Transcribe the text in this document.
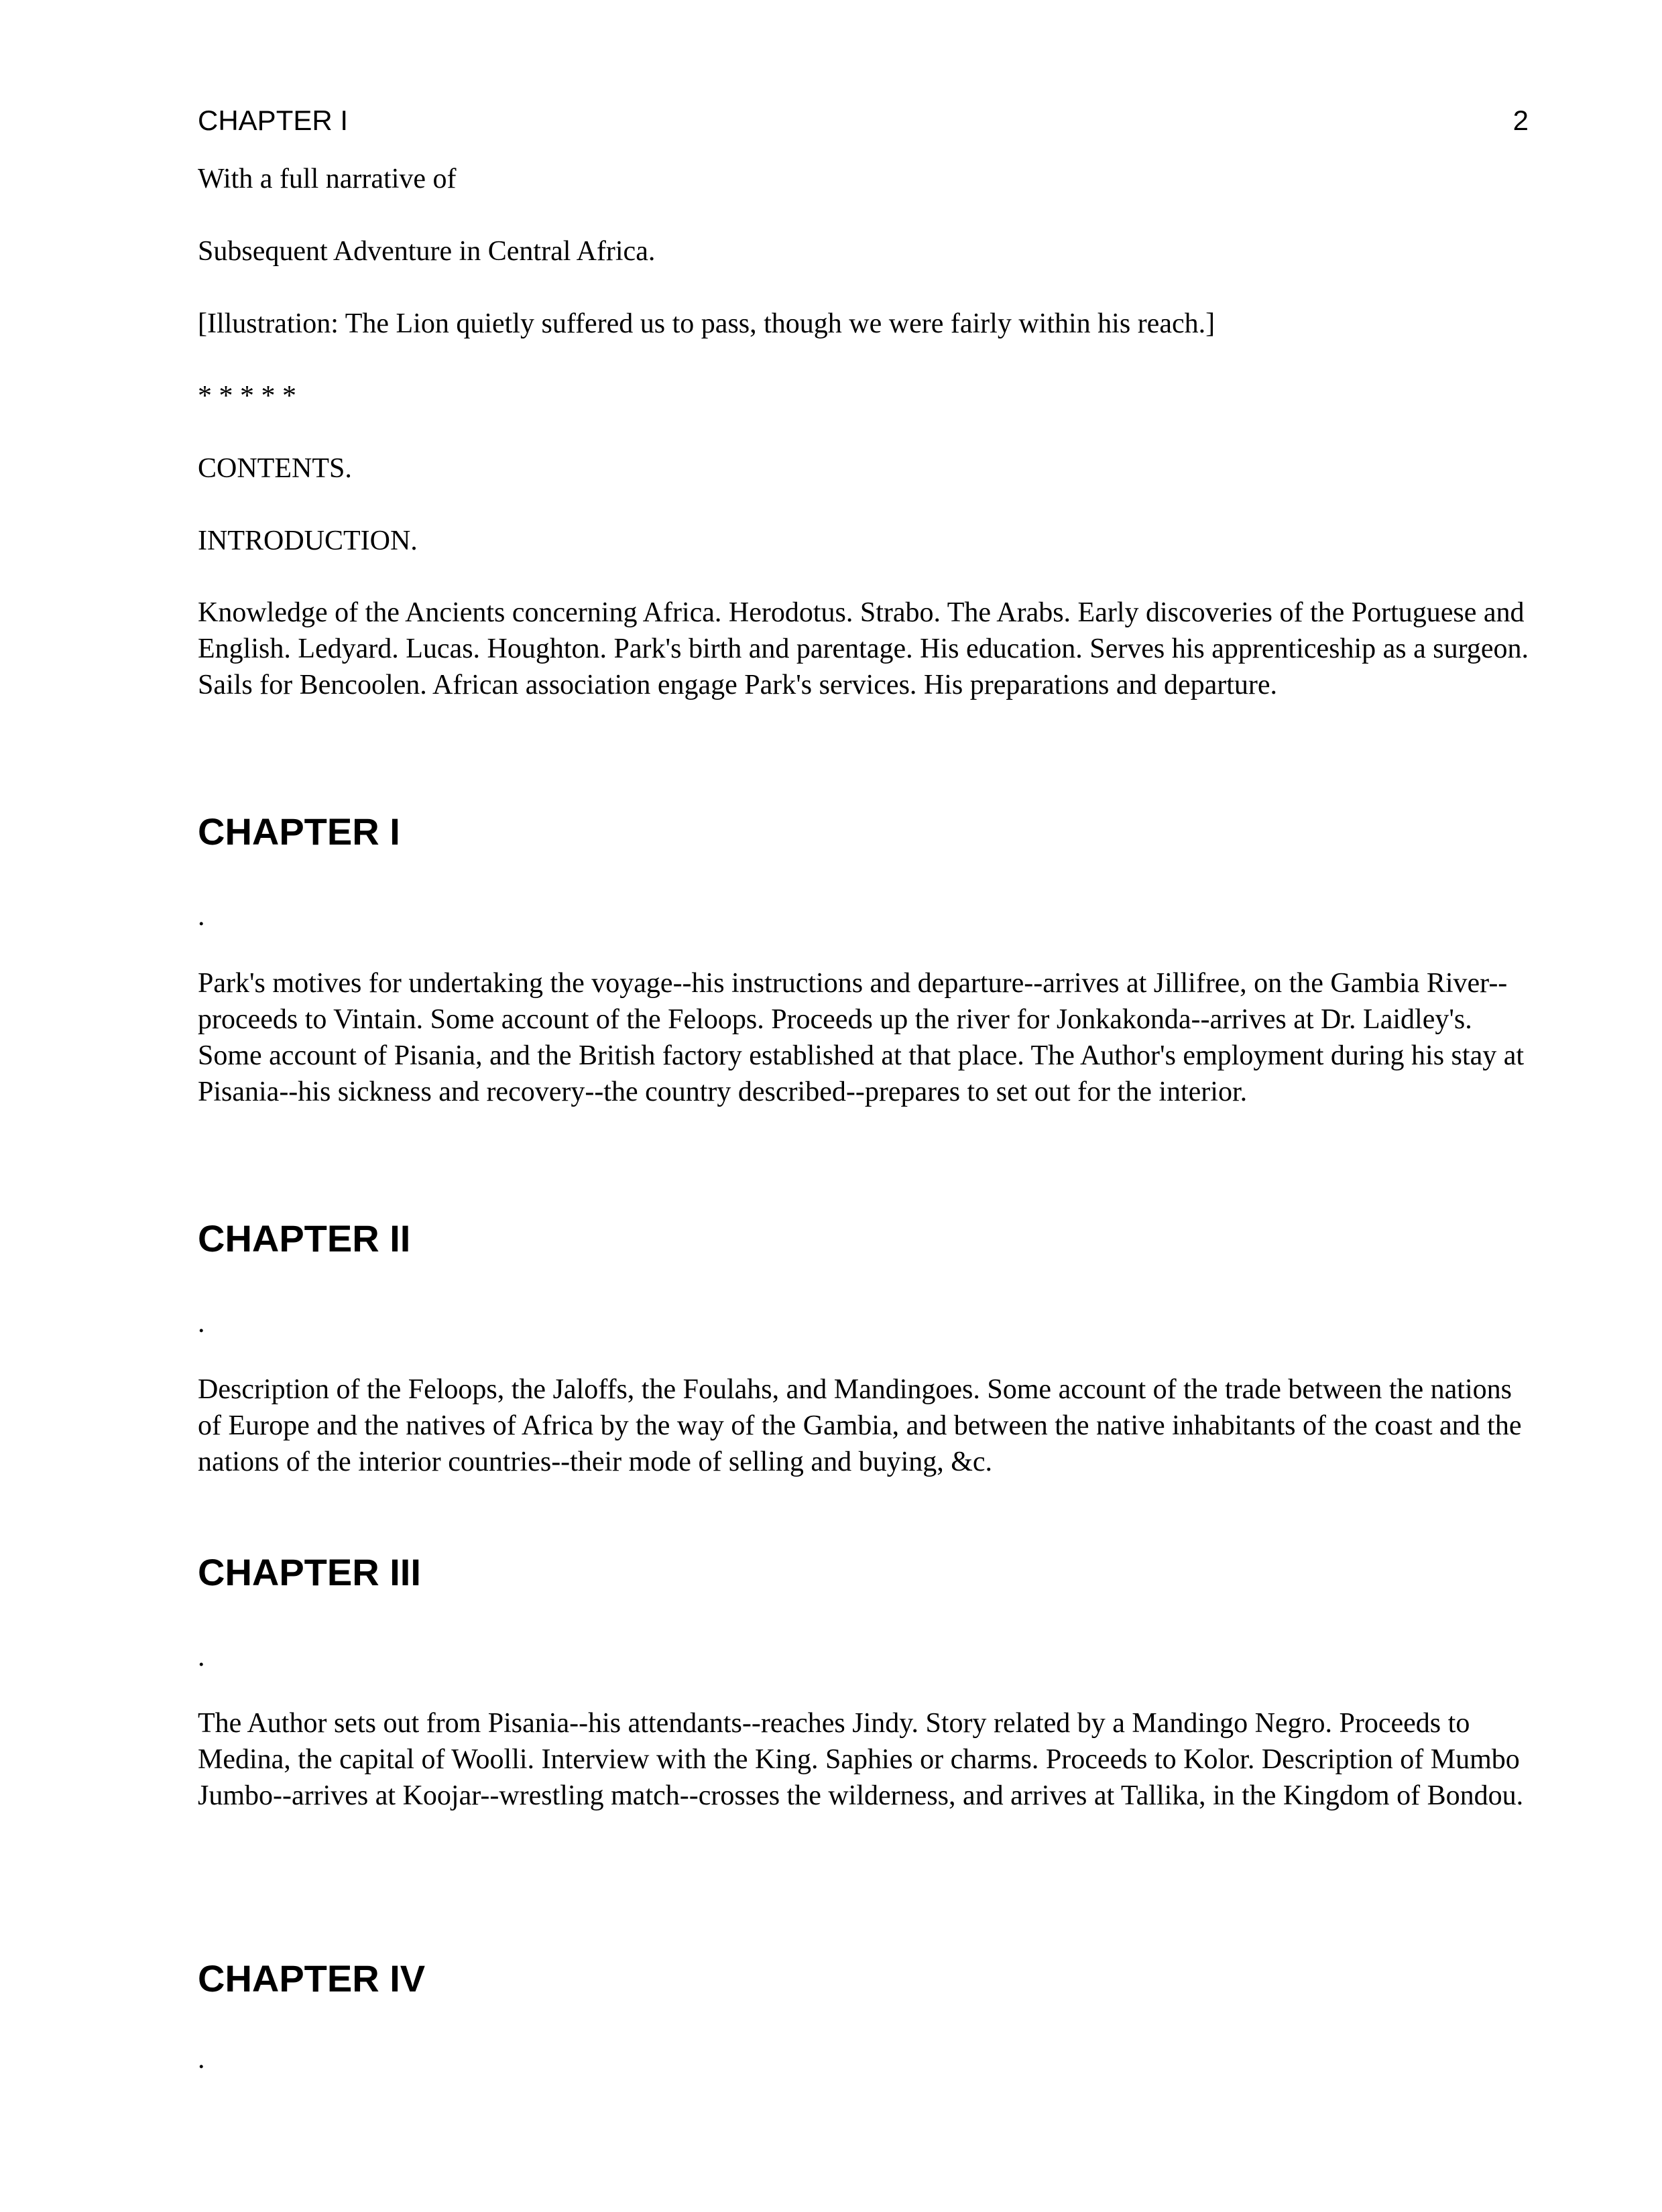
CHAPTER I	2

With a full narrative of

Subsequent Adventure in Central Africa.

[Illustration: The Lion quietly suffered us to pass, though we were fairly within his reach.]

* * * * *

CONTENTS.

INTRODUCTION.

Knowledge of the Ancients concerning Africa. Herodotus. Strabo. The Arabs. Early discoveries of the Portuguese and English. Ledyard. Lucas. Houghton. Park's birth and parentage. His education. Serves his apprenticeship as a surgeon. Sails for Bencoolen. African association engage Park's services. His preparations and departure.

CHAPTER I
.

Park's motives for undertaking the voyage--his instructions and departure--arrives at Jillifree, on the Gambia River--proceeds to Vintain. Some account of the Feloops. Proceeds up the river for Jonkakonda--arrives at Dr. Laidley's. Some account of Pisania, and the British factory established at that place. The Author's employment during his stay at Pisania--his sickness and recovery--the country described--prepares to set out for the interior.

CHAPTER II
.

Description of the Feloops, the Jaloffs, the Foulahs, and Mandingoes. Some account of the trade between the nations of Europe and the natives of Africa by the way of the Gambia, and between the native inhabitants of the coast and the nations of the interior countries--their mode of selling and buying, &c.

CHAPTER III
.

The Author sets out from Pisania--his attendants--reaches Jindy. Story related by a Mandingo Negro. Proceeds to Medina, the capital of Woolli. Interview with the King. Saphies or charms. Proceeds to Kolor. Description of Mumbo Jumbo--arrives at Koojar--wrestling match--crosses the wilderness, and arrives at Tallika, in the Kingdom of Bondou.

CHAPTER IV
.
